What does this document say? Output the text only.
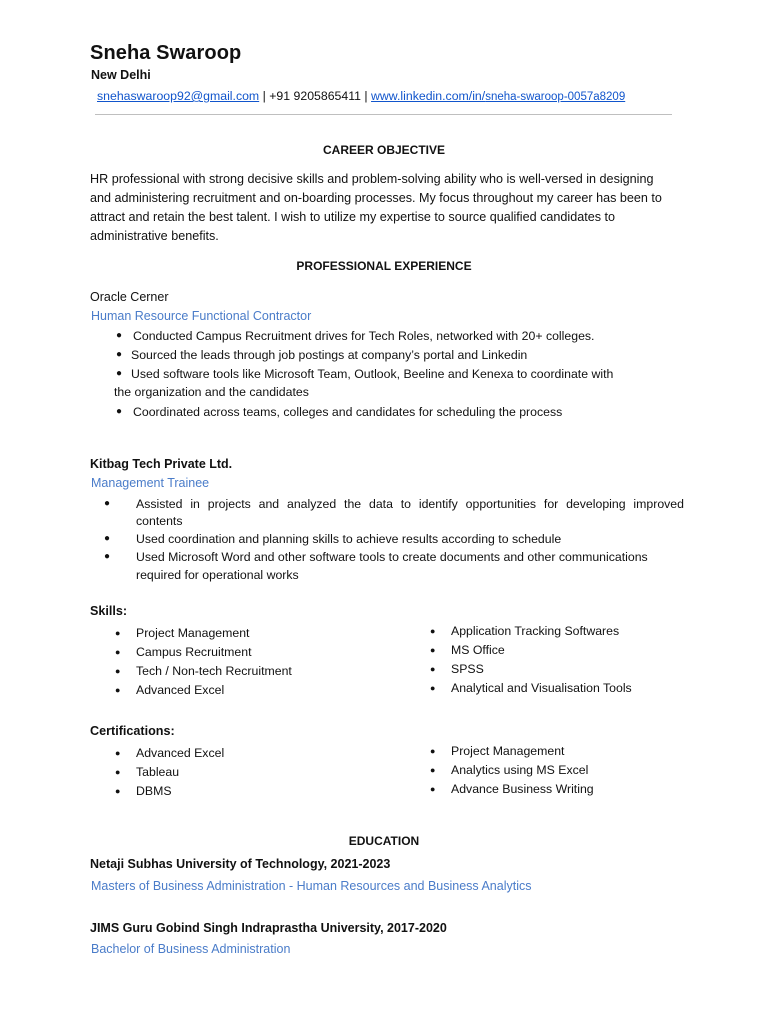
Sneha Swaroop
New Delhi
snehaswaroop92@gmail.com | +91 9205865411 | www.linkedin.com/in/sneha-swaroop-0057a8209
CAREER OBJECTIVE
HR professional with strong decisive skills and problem-solving ability who is well-versed in designing
and administering recruitment and on-boarding processes. My focus throughout my career has been to
attract and retain the best talent. I wish to utilize my expertise to source qualified candidates to
administrative benefits.
PROFESSIONAL EXPERIENCE
Oracle Cerner
Human Resource Functional Contractor
● Conducted Campus Recruitment drives for Tech Roles, networked with 20+ colleges.
● Sourced the leads through job postings at company’s portal and Linkedin
● Used software tools like Microsoft Team, Outlook, Beeline and Kenexa to coordinate with
the organization and the candidates
● Coordinated across teams, colleges and candidates for scheduling the process
Kitbag Tech Private Ltd.
Management Trainee
● Assisted in projects and analyzed the data to identify opportunities for developing improved
contents
● Used coordination and planning skills to achieve results according to schedule
● Used Microsoft Word and other software tools to create documents and other communications
required for operational works
Skills:
● Project Management
● Campus Recruitment
● Tech / Non-tech Recruitment
● Advanced Excel
● Application Tracking Softwares
● MS Office
● SPSS
● Analytical and Visualisation Tools
Certifications:
● Advanced Excel
● Tableau
● DBMS
● Project Management
● Analytics using MS Excel
● Advance Business Writing
EDUCATION
Netaji Subhas University of Technology, 2021-2023
Masters of Business Administration - Human Resources and Business Analytics
JIMS Guru Gobind Singh Indraprastha University, 2017-2020
Bachelor of Business Administration
